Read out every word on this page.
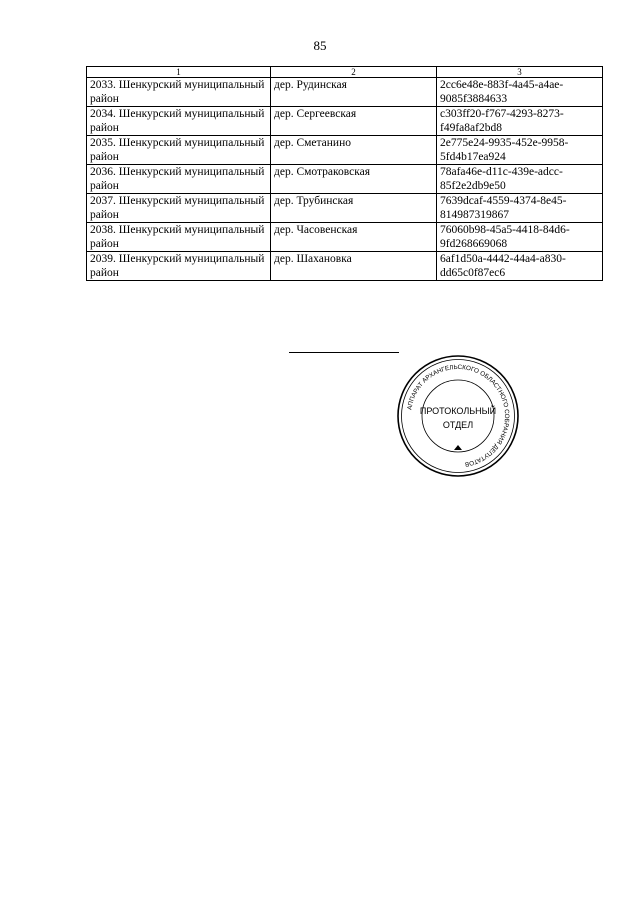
85
1	2	3
2033. Шенкурский муниципальный район	дер. Рудинская	2cc6e48e-883f-4a45-a4ae-9085f3884633
2034. Шенкурский муниципальный район	дер. Сергеевская	c303ff20-f767-4293-8273-f49fa8af2bd8
2035. Шенкурский муниципальный район	дер. Сметанино	2e775e24-9935-452e-9958-5fd4b17ea924
2036. Шенкурский муниципальный район	дер. Смотраковская	78afa46e-d11c-439e-adcc-85f2e2db9e50
2037. Шенкурский муниципальный район	дер. Трубинская	7639dcaf-4559-4374-8e45-814987319867
2038. Шенкурский муниципальный район	дер. Часовенская	76060b98-45a5-4418-84d6-9fd268669068
2039. Шенкурский муниципальный район	дер. Шахановка	6af1d50a-4442-44a4-a830-dd65c0f87ec6
АППАРАТ АРХАНГЕЛЬСКОГО ОБЛАСТНОГО СОБРАНИЯ ДЕПУТАТОВ
ПРОТОКОЛЬНЫЙ
ОТДЕЛ
